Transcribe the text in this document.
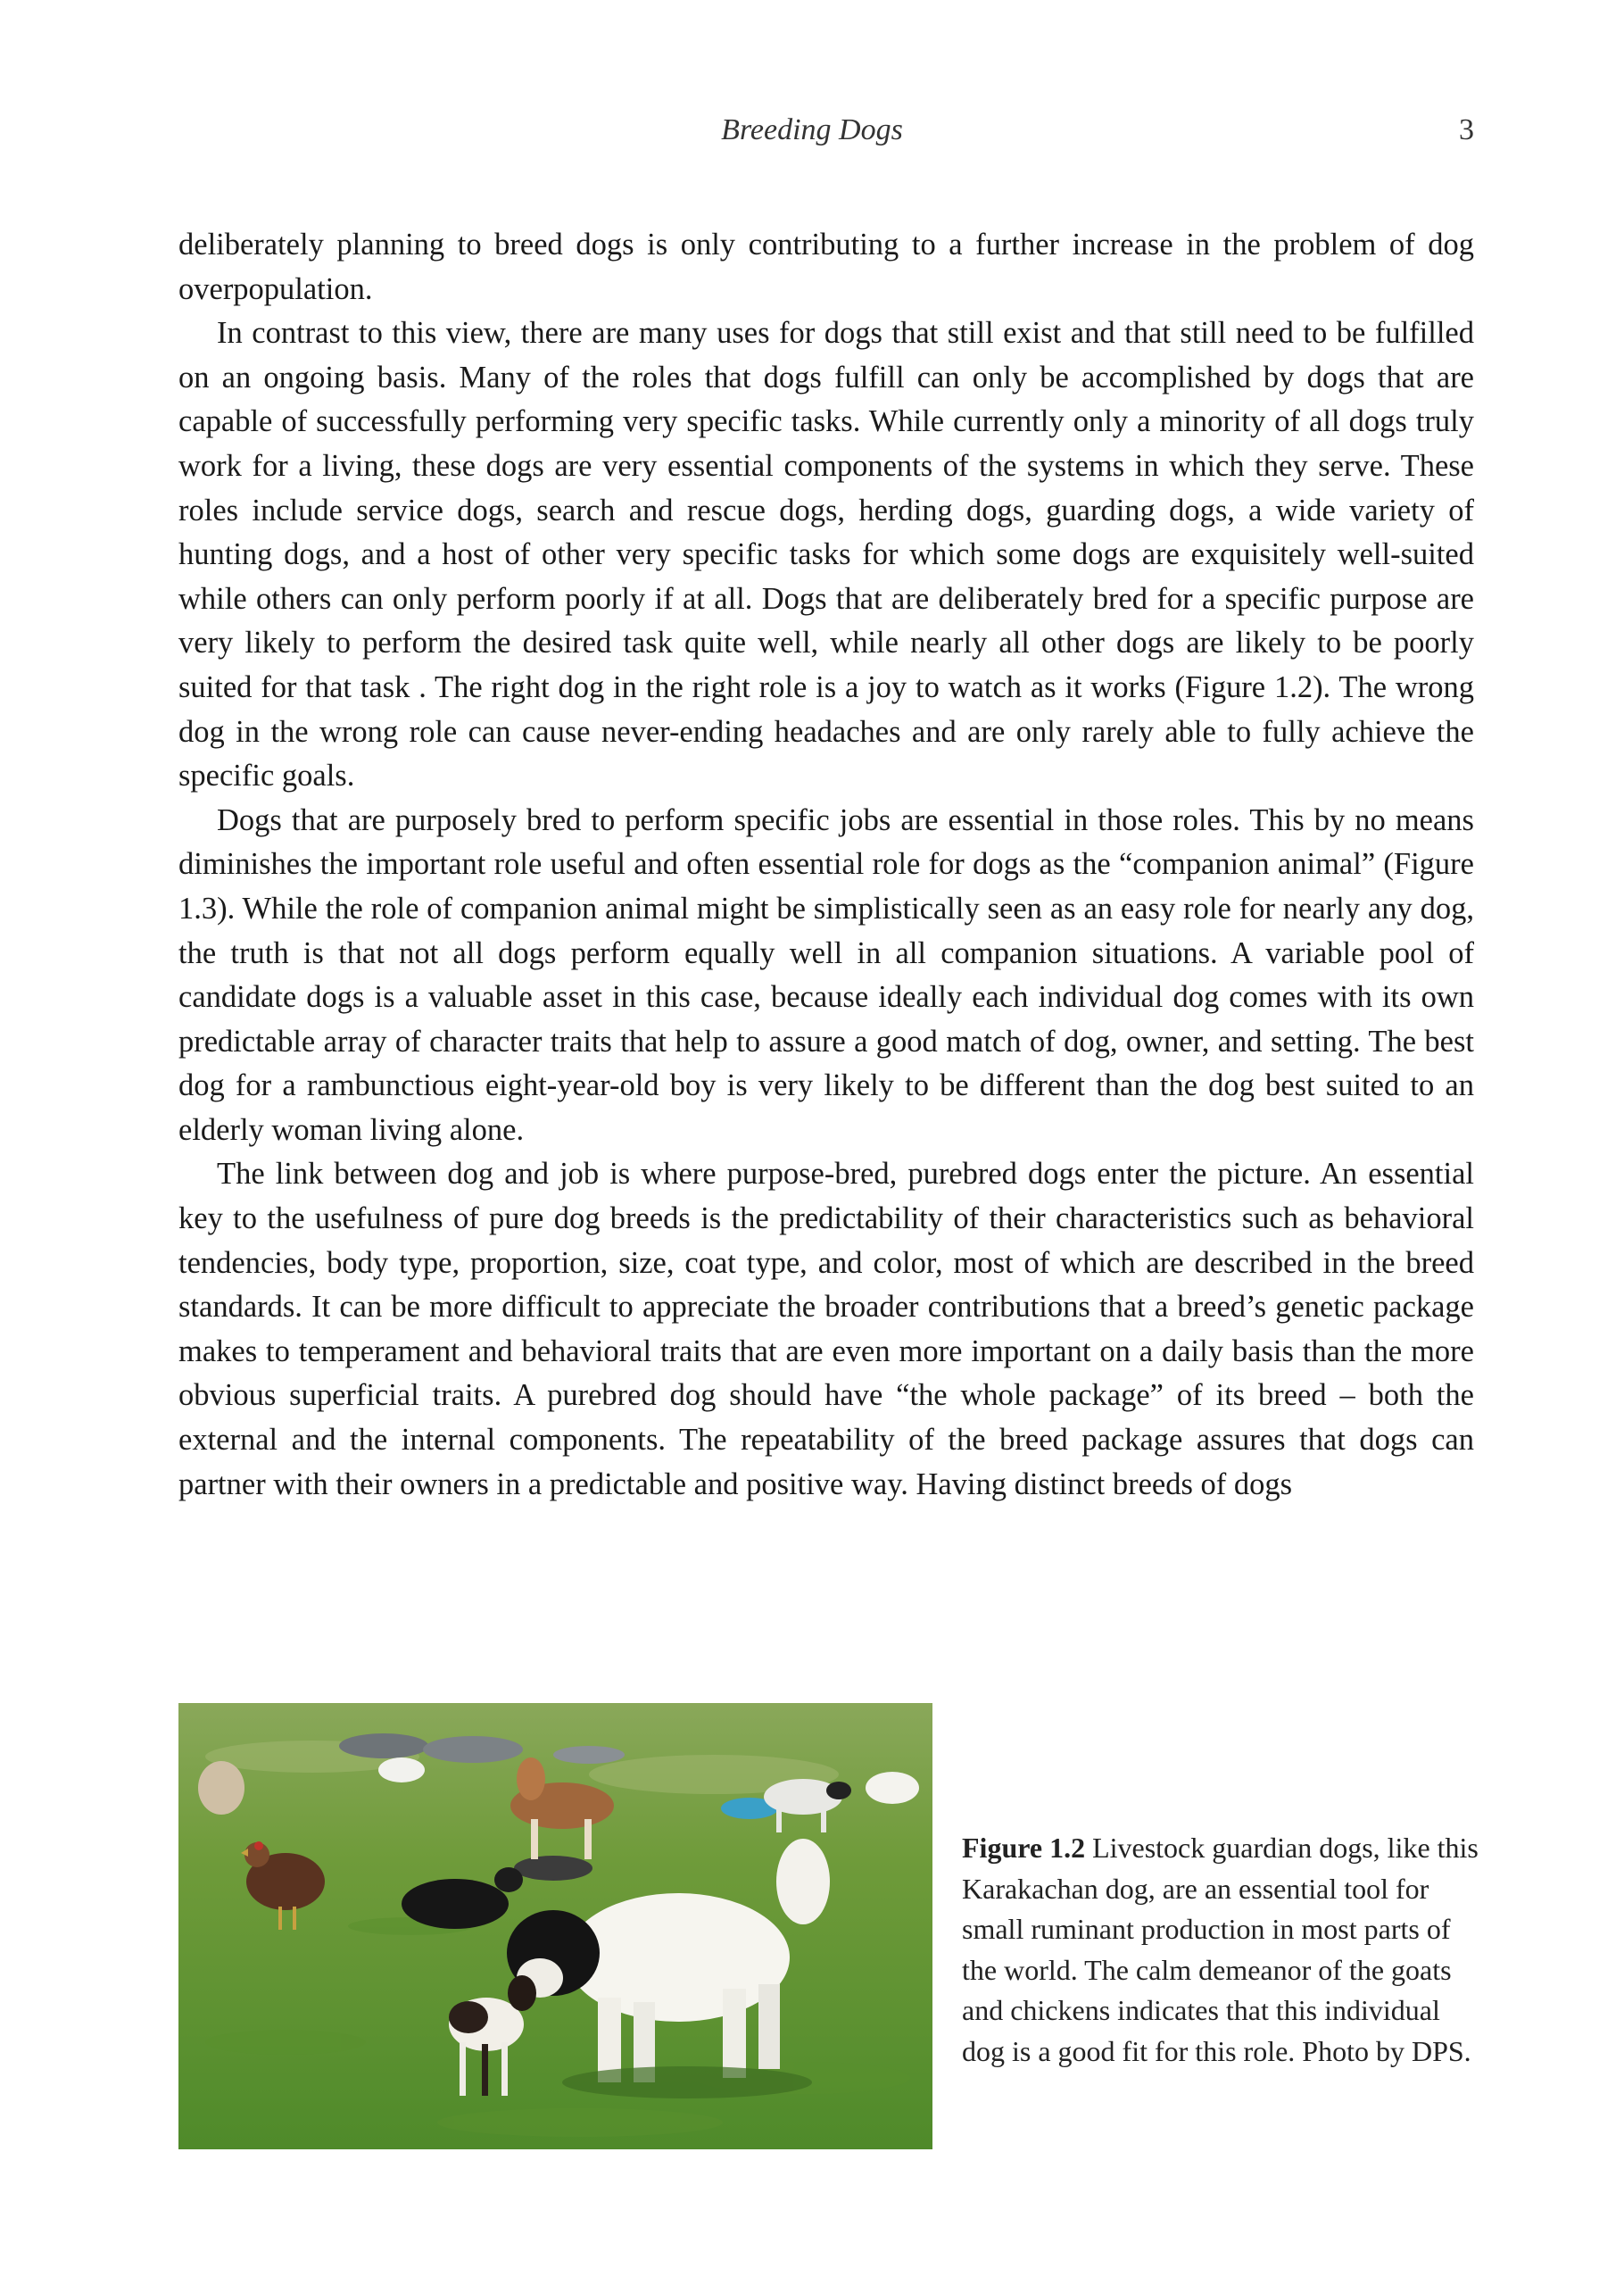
Breeding Dogs	3

deliberately planning to breed dogs is only contributing to a further increase in the problem of dog overpopulation.

In contrast to this view, there are many uses for dogs that still exist and that still need to be fulfilled on an ongoing basis. Many of the roles that dogs fulfill can only be accomplished by dogs that are capable of successfully performing very specific tasks. While currently only a minority of all dogs truly work for a living, these dogs are very essential components of the systems in which they serve. These roles include service dogs, search and rescue dogs, herding dogs, guarding dogs, a wide variety of hunting dogs, and a host of other very specific tasks for which some dogs are exquisitely well-suited while others can only perform poorly if at all. Dogs that are deliberately bred for a specific purpose are very likely to perform the desired task quite well, while nearly all other dogs are likely to be poorly suited for that task . The right dog in the right role is a joy to watch as it works (Figure 1.2). The wrong dog in the wrong role can cause never-ending headaches and are only rarely able to fully achieve the specific goals.

Dogs that are purposely bred to perform specific jobs are essential in those roles. This by no means diminishes the important role useful and often essential role for dogs as the “companion animal” (Figure 1.3). While the role of companion animal might be simplistically seen as an easy role for nearly any dog, the truth is that not all dogs perform equally well in all companion situations. A variable pool of candidate dogs is a valuable asset in this case, because ideally each individual dog comes with its own predictable array of character traits that help to assure a good match of dog, owner, and setting. The best dog for a rambunctious eight-year-old boy is very likely to be different than the dog best suited to an elderly woman living alone.

The link between dog and job is where purpose-bred, purebred dogs enter the picture. An essential key to the usefulness of pure dog breeds is the predictability of their characteristics such as behavioral tendencies, body type, proportion, size, coat type, and color, most of which are described in the breed standards. It can be more difficult to appreciate the broader contributions that a breed’s genetic package makes to temperament and behavioral traits that are even more important on a daily basis than the more obvious superficial traits. A purebred dog should have “the whole package” of its breed – both the external and the internal components. The repeatability of the breed package assures that dogs can partner with their owners in a predictable and positive way. Having distinct breeds of dogs

Figure 1.2 Livestock guardian dogs, like this Karakachan dog, are an essential tool for small ruminant production in most parts of the world. The calm demeanor of the goats and chickens indicates that this individual dog is a good fit for this role. Photo by DPS.
